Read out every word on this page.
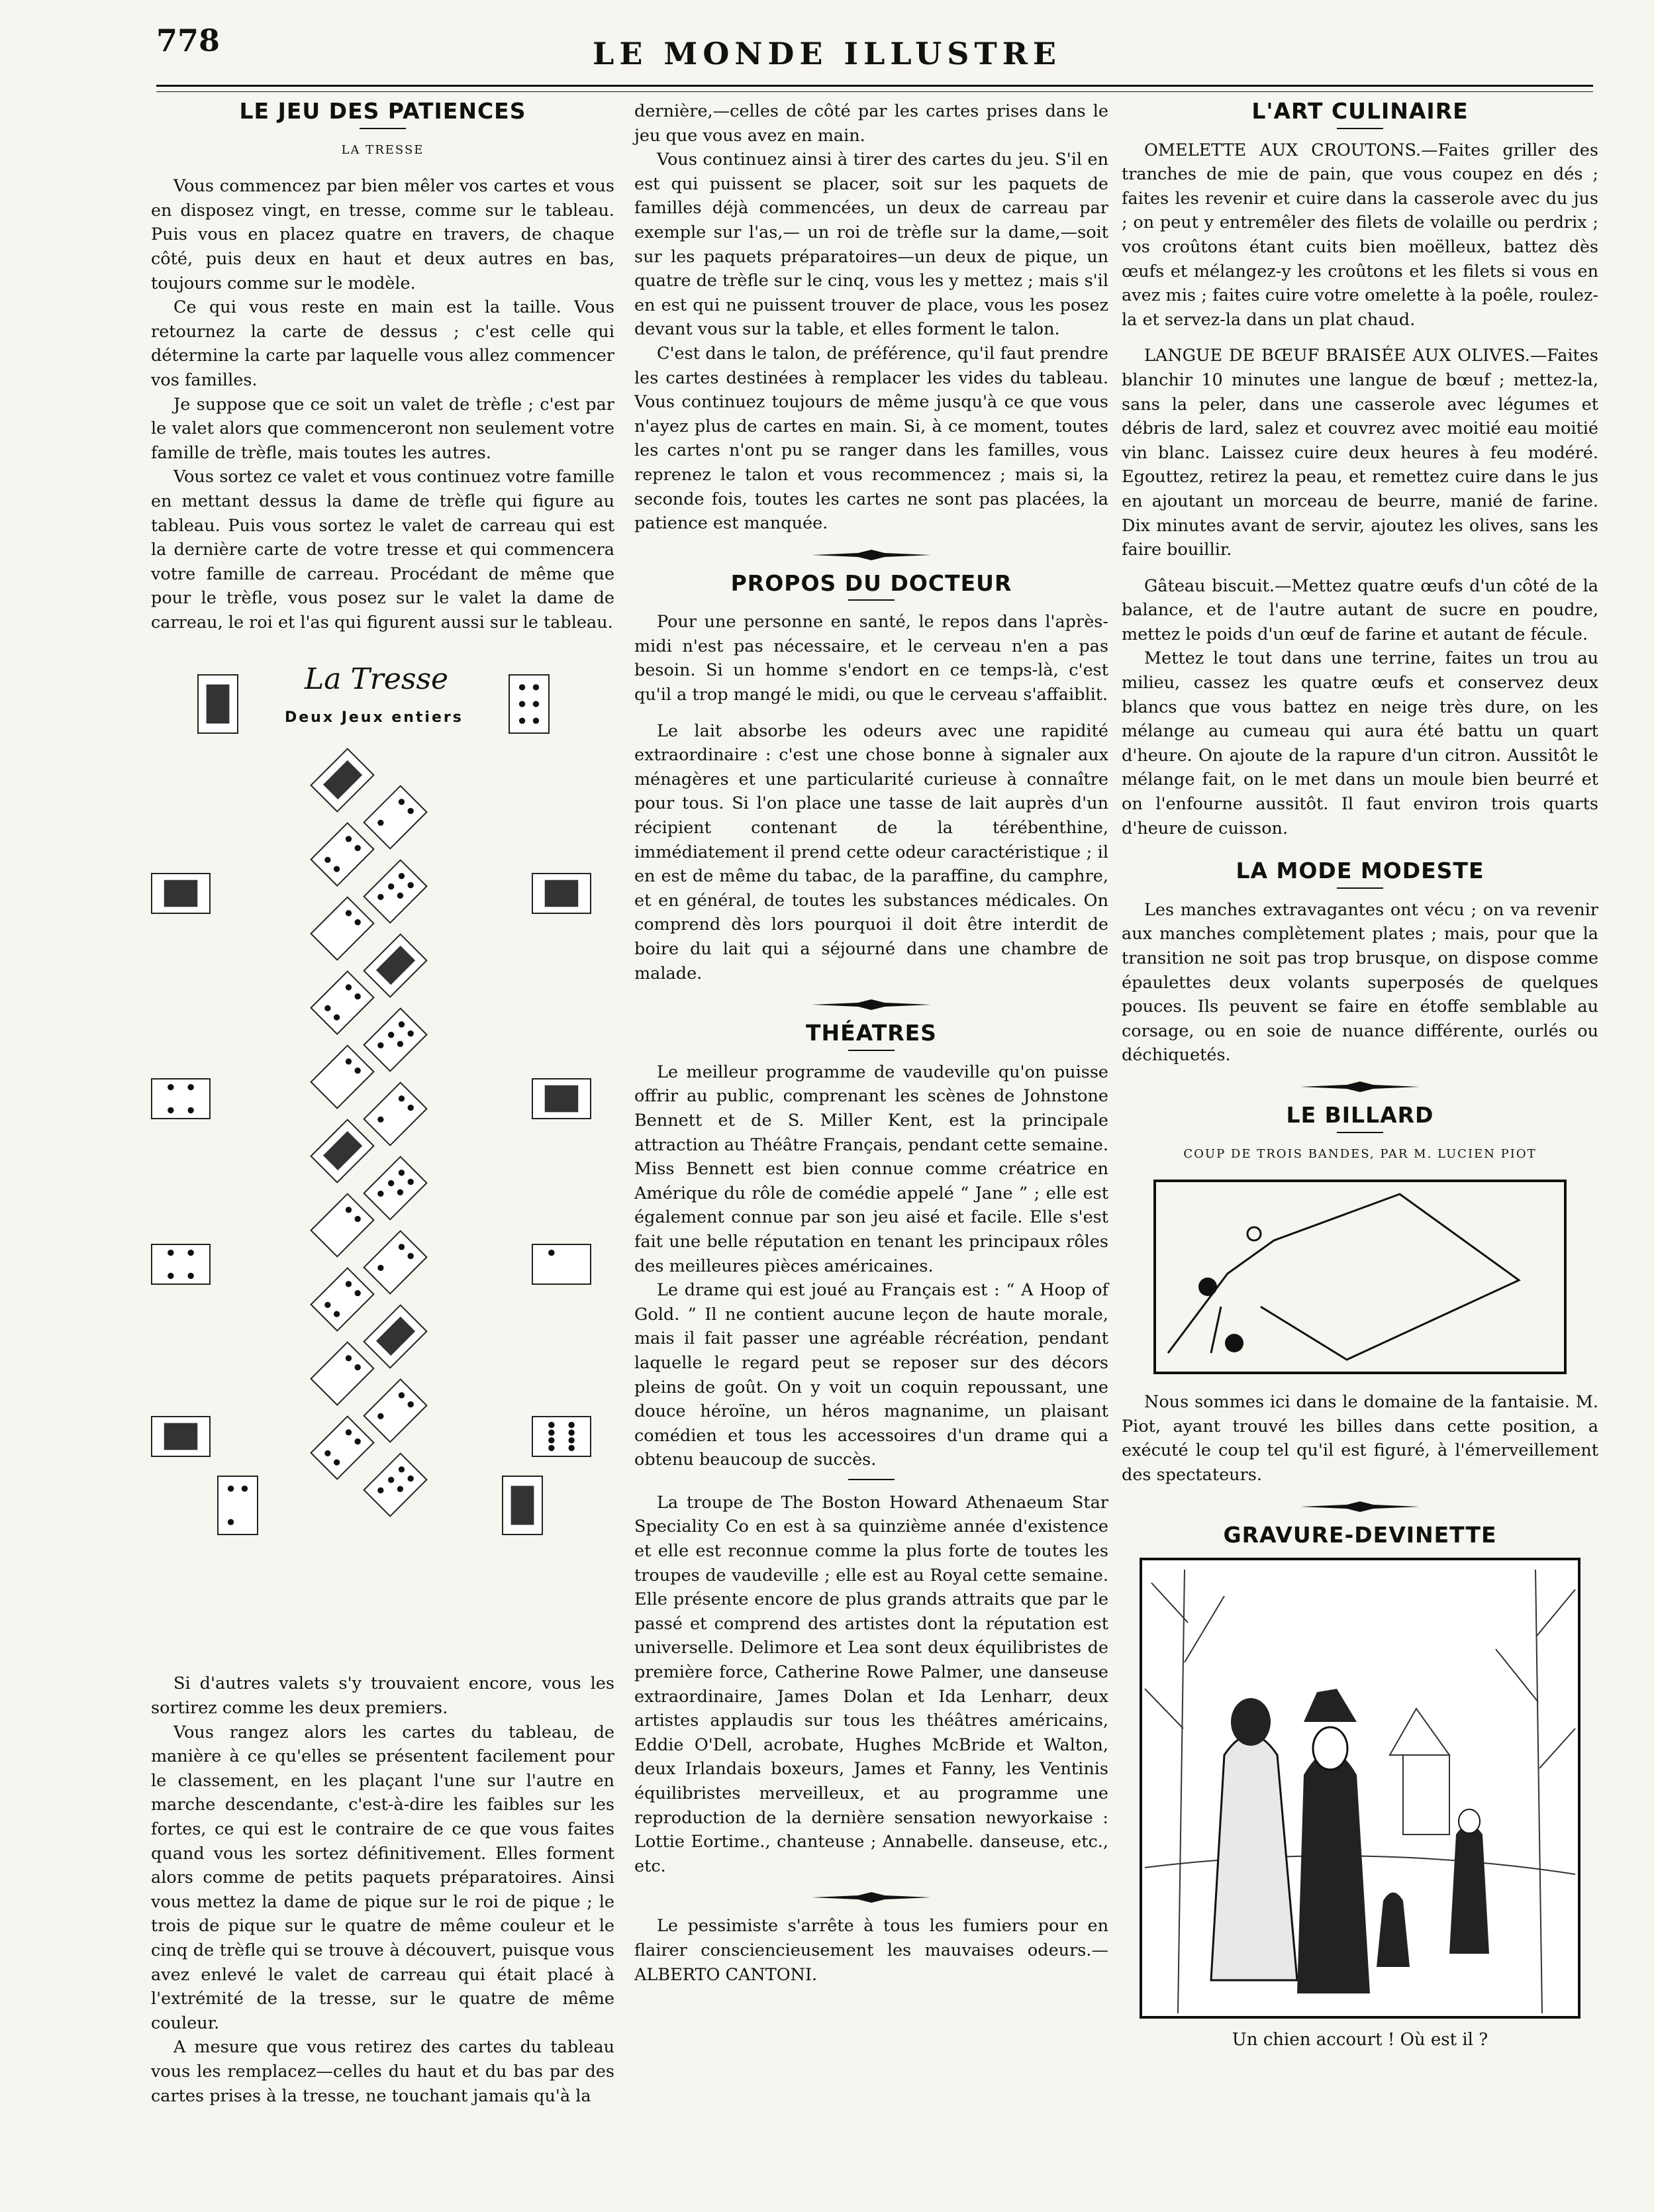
778	LE MONDE ILLUSTRE
LE JEU DES PATIENCES
LA TRESSE

Vous commencez par bien mêler vos cartes et vous en disposez vingt, en tresse, comme sur le tableau. Puis vous en placez quatre en travers, de chaque côté, puis deux en haut et deux autres en bas, toujours comme sur le modèle.

Ce qui vous reste en main est la taille. Vous retournez la carte de dessus ; c'est celle qui détermine la carte par laquelle vous allez commencer vos familles.

Je suppose que ce soit un valet de trèfle ; c'est par le valet alors que commenceront non seulement votre famille de trèfle, mais toutes les autres.

Vous sortez ce valet et vous continuez votre famille en mettant dessus la dame de trèfle qui figure au tableau. Puis vous sortez le valet de carreau qui est la dernière carte de votre tresse et qui commencera votre famille de carreau. Procédant de même que pour le trèfle, vous posez sur le valet la dame de carreau, le roi et l'as qui figurent aussi sur le tableau.

La Tresse
Deux Jeux entiers

Si d'autres valets s'y trouvaient encore, vous les sortirez comme les deux premiers.

Vous rangez alors les cartes du tableau, de manière à ce qu'elles se présentent facilement pour le classement, en les plaçant l'une sur l'autre en marche descendante, c'est-à-dire les faibles sur les fortes, ce qui est le contraire de ce que vous faites quand vous les sortez définitivement. Elles forment alors comme de petits paquets préparatoires. Ainsi vous mettez la dame de pique sur le roi de pique ; le trois de pique sur le quatre de même couleur et le cinq de trèfle qui se trouve à découvert, puisque vous avez enlevé le valet de carreau qui était placé à l'extrémité de la tresse, sur le quatre de même couleur.

A mesure que vous retirez des cartes du tableau vous les remplacez—celles du haut et du bas par des cartes prises à la tresse, ne touchant jamais qu'à la

dernière,—celles de côté par les cartes prises dans le jeu que vous avez en main.

Vous continuez ainsi à tirer des cartes du jeu. S'il en est qui puissent se placer, soit sur les paquets de familles déjà commencées, un deux de carreau par exemple sur l'as,— un roi de trèfle sur la dame,—soit sur les paquets préparatoires—un deux de pique, un quatre de trèfle sur le cinq, vous les y mettez ; mais s'il en est qui ne puissent trouver de place, vous les posez devant vous sur la table, et elles forment le talon.

C'est dans le talon, de préférence, qu'il faut prendre les cartes destinées à remplacer les vides du tableau. Vous continuez toujours de même jusqu'à ce que vous n'ayez plus de cartes en main. Si, à ce moment, toutes les cartes n'ont pu se ranger dans les familles, vous reprenez le talon et vous recommencez ; mais si, la seconde fois, toutes les cartes ne sont pas placées, la patience est manquée.

PROPOS DU DOCTEUR

Pour une personne en santé, le repos dans l'après-midi n'est pas nécessaire, et le cerveau n'en a pas besoin. Si un homme s'endort en ce temps-là, c'est qu'il a trop mangé le midi, ou que le cerveau s'affaiblit.

Le lait absorbe les odeurs avec une rapidité extraordinaire : c'est une chose bonne à signaler aux ménagères et une particularité curieuse à connaître pour tous. Si l'on place une tasse de lait auprès d'un récipient contenant de la térébenthine, immédiatement il prend cette odeur caractéristique ; il en est de même du tabac, de la paraffine, du camphre, et en général, de toutes les substances médicales. On comprend dès lors pourquoi il doit être interdit de boire du lait qui a séjourné dans une chambre de malade.

THÉATRES

Le meilleur programme de vaudeville qu'on puisse offrir au public, comprenant les scènes de Johnstone Bennett et de S. Miller Kent, est la principale attraction au Théâtre Français, pendant cette semaine. Miss Bennett est bien connue comme créatrice en Amérique du rôle de comédie appelé “ Jane ” ; elle est également connue par son jeu aisé et facile. Elle s'est fait une belle réputation en tenant les principaux rôles des meilleures pièces américaines.

Le drame qui est joué au Français est : “ A Hoop of Gold. ” Il ne contient aucune leçon de haute morale, mais il fait passer une agréable récréation, pendant laquelle le regard peut se reposer sur des décors pleins de goût. On y voit un coquin repoussant, une douce héroïne, un héros magnanime, un plaisant comédien et tous les accessoires d'un drame qui a obtenu beaucoup de succès.

La troupe de The Boston Howard Athenaeum Star Speciality Co en est à sa quinzième année d'existence et elle est reconnue comme la plus forte de toutes les troupes de vaudeville ; elle est au Royal cette semaine. Elle présente encore de plus grands attraits que par le passé et comprend des artistes dont la réputation est universelle. Delimore et Lea sont deux équilibristes de première force, Catherine Rowe Palmer, une danseuse extraordinaire, James Dolan et Ida Lenharr, deux artistes applaudis sur tous les théâtres américains, Eddie O'Dell, acrobate, Hughes McBride et Walton, deux Irlandais boxeurs, James et Fanny, les Ventinis équilibristes merveilleux, et au programme une reproduction de la dernière sensation newyorkaise : Lottie Eortime., chanteuse ; Annabelle. danseuse, etc., etc.

Le pessimiste s'arrête à tous les fumiers pour en flairer consciencieusement les mauvaises odeurs.—ALBERTO CANTONI.

L'ART CULINAIRE

OMELETTE AUX CROUTONS.—Faites griller des tranches de mie de pain, que vous coupez en dés ; faites les revenir et cuire dans la casserole avec du jus ; on peut y entremêler des filets de volaille ou perdrix ; vos croûtons étant cuits bien moëlleux, battez dès œufs et mélangez-y les croûtons et les filets si vous en avez mis ; faites cuire votre omelette à la poêle, roulez-la et servez-la dans un plat chaud.

LANGUE DE BŒUF BRAISÉE AUX OLIVES.—Faites blanchir 10 minutes une langue de bœuf ; mettez-la, sans la peler, dans une casserole avec légumes et débris de lard, salez et couvrez avec moitié eau moitié vin blanc. Laissez cuire deux heures à feu modéré. Egouttez, retirez la peau, et remettez cuire dans le jus en ajoutant un morceau de beurre, manié de farine. Dix minutes avant de servir, ajoutez les olives, sans les faire bouillir.

Gâteau biscuit.—Mettez quatre œufs d'un côté de la balance, et de l'autre autant de sucre en poudre, mettez le poids d'un œuf de farine et autant de fécule.

Mettez le tout dans une terrine, faites un trou au milieu, cassez les quatre œufs et conservez deux blancs que vous battez en neige très dure, on les mélange au cumeau qui aura été battu un quart d'heure. On ajoute de la rapure d'un citron. Aussitôt le mélange fait, on le met dans un moule bien beurré et on l'enfourne aussitôt. Il faut environ trois quarts d'heure de cuisson.

LA MODE MODESTE

Les manches extravagantes ont vécu ; on va revenir aux manches complètement plates ; mais, pour que la transition ne soit pas trop brusque, on dispose comme épaulettes deux volants superposés de quelques pouces. Ils peuvent se faire en étoffe semblable au corsage, ou en soie de nuance différente, ourlés ou déchiquetés.

LE BILLARD
COUP DE TROIS BANDES, PAR M. LUCIEN PIOT

Nous sommes ici dans le domaine de la fantaisie. M. Piot, ayant trouvé les billes dans cette position, a exécuté le coup tel qu'il est figuré, à l'émerveillement des spectateurs.

GRAVURE-DEVINETTE
Un chien accourt ! Où est il ?
